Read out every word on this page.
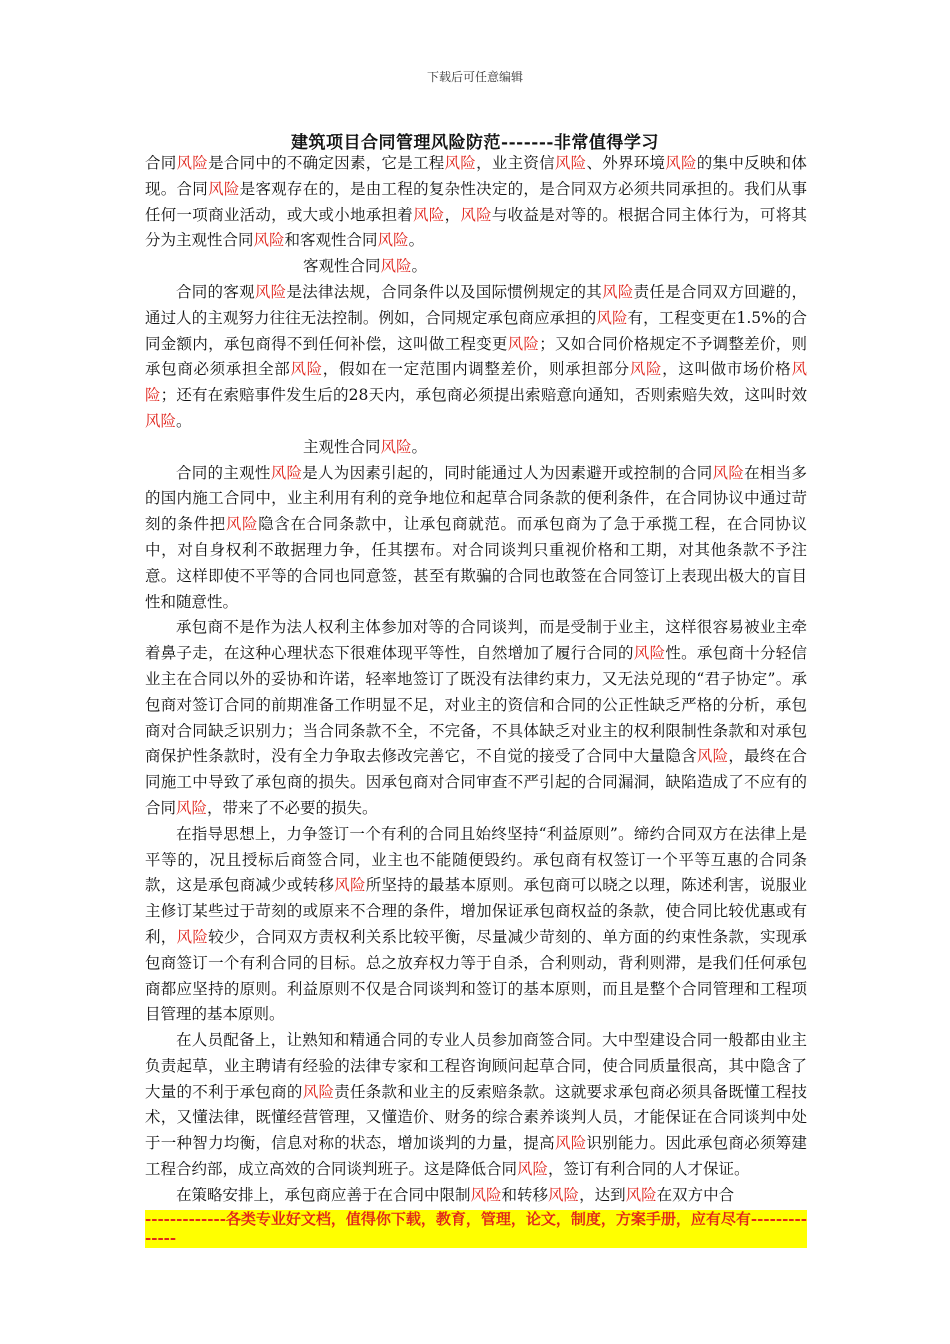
下载后可任意编辑
建筑项目合同管理风险防范-------非常值得学习

合同风险是合同中的不确定因素，它是工程风险，业主资信风险、外界环境风险的集中反映和体现。合同风险是客观存在的，是由工程的复杂性决定的，是合同双方必须共同承担的。我们从事任何一项商业活动，或大或小地承担着风险，风险与收益是对等的。根据合同主体行为，可将其分为主观性合同风险和客观性合同风险。

客观性合同风险。

合同的客观风险是法律法规，合同条件以及国际惯例规定的其风险责任是合同双方回避的，通过人的主观努力往往无法控制。例如，合同规定承包商应承担的风险有，工程变更在1.5%的合同金额内，承包商得不到任何补偿，这叫做工程变更风险；又如合同价格规定不予调整差价，则承包商必须承担全部风险，假如在一定范围内调整差价，则承担部分风险，这叫做市场价格风险；还有在索赔事件发生后的28天内，承包商必须提出索赔意向通知，否则索赔失效，这叫时效风险。

主观性合同风险。

合同的主观性风险是人为因素引起的，同时能通过人为因素避开或控制的合同风险在相当多的国内施工合同中，业主利用有利的竞争地位和起草合同条款的便利条件，在合同协议中通过苛刻的条件把风险隐含在合同条款中，让承包商就范。而承包商为了急于承揽工程，在合同协议中，对自身权利不敢据理力争，任其摆布。对合同谈判只重视价格和工期，对其他条款不予注意。这样即使不平等的合同也同意签，甚至有欺骗的合同也敢签在合同签订上表现出极大的盲目性和随意性。

承包商不是作为法人权利主体参加对等的合同谈判，而是受制于业主，这样很容易被业主牵着鼻子走，在这种心理状态下很难体现平等性，自然增加了履行合同的风险性。承包商十分轻信业主在合同以外的妥协和许诺，轻率地签订了既没有法律约束力，又无法兑现的“君子协定”。承包商对签订合同的前期准备工作明显不足，对业主的资信和合同的公正性缺乏严格的分析，承包商对合同缺乏识别力；当合同条款不全，不完备，不具体缺乏对业主的权利限制性条款和对承包商保护性条款时，没有全力争取去修改完善它，不自觉的接受了合同中大量隐含风险，最终在合同施工中导致了承包商的损失。因承包商对合同审查不严引起的合同漏洞，缺陷造成了不应有的合同风险，带来了不必要的损失。

在指导思想上，力争签订一个有利的合同且始终坚持“利益原则”。缔约合同双方在法律上是平等的，况且授标后商签合同，业主也不能随便毁约。承包商有权签订一个平等互惠的合同条款，这是承包商减少或转移风险所坚持的最基本原则。承包商可以晓之以理，陈述利害，说服业主修订某些过于苛刻的或原来不合理的条件，增加保证承包商权益的条款，使合同比较优惠或有利，风险较少，合同双方责权利关系比较平衡，尽量减少苛刻的、单方面的约束性条款，实现承包商签订一个有利合同的目标。总之放弃权力等于自杀，合利则动，背利则滞，是我们任何承包商都应坚持的原则。利益原则不仅是合同谈判和签订的基本原则，而且是整个合同管理和工程项目管理的基本原则。

在人员配备上，让熟知和精通合同的专业人员参加商签合同。大中型建设合同一般都由业主负责起草，业主聘请有经验的法律专家和工程咨询顾问起草合同，使合同质量很高，其中隐含了大量的不利于承包商的风险责任条款和业主的反索赔条款。这就要求承包商必须具备既懂工程技术，又懂法律，既懂经营管理，又懂造价、财务的综合素养谈判人员，才能保证在合同谈判中处于一种智力均衡，信息对称的状态，增加谈判的力量，提高风险识别能力。因此承包商必须筹建工程合约部，成立高效的合同谈判班子。这是降低合同风险，签订有利合同的人才保证。

在策略安排上，承包商应善于在合同中限制风险和转移风险，达到风险在双方中合

-------------各类专业好文档，值得你下载，教育，管理，论文，制度，方案手册，应有尽有--------------
